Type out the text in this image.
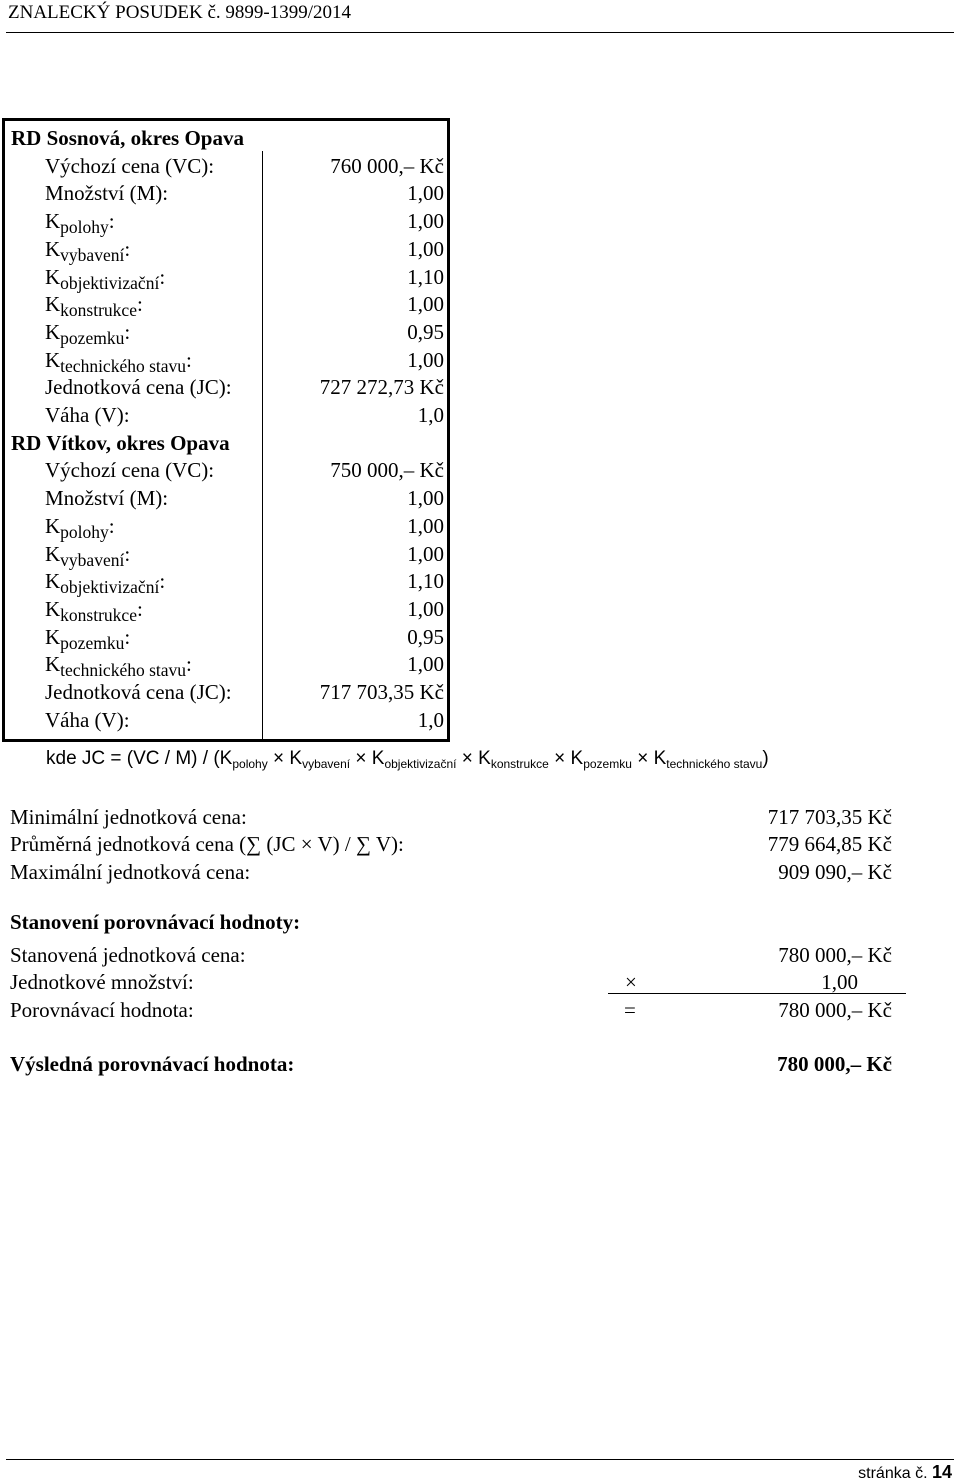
ZNALECKÝ POSUDEK č. 9899-1399/2014
RD Sosnová, okres Opava
Výchozí cena (VC):	760 000,– Kč
Množství (M):	1,00
$K_{polohy}$:	1,00
$K_{vybavení}$:	1,00
$K_{objektivizační}$:	1,10
$K_{konstrukce}$:	1,00
$K_{pozemku}$:	0,95
$K_{technického stavu}$:	1,00
Jednotková cena (JC):	727 272,73 Kč
Váha (V):	1,0
RD Vítkov, okres Opava
Výchozí cena (VC):	750 000,– Kč
Množství (M):	1,00
$K_{polohy}$:	1,00
$K_{vybavení}$:	1,00
$K_{objektivizační}$:	1,10
$K_{konstrukce}$:	1,00
$K_{pozemku}$:	0,95
$K_{technického stavu}$:	1,00
Jednotková cena (JC):	717 703,35 Kč
Váha (V):	1,0
kde JC = $(VC / M) / (K_{polohy} \times K_{vybavení} \times K_{objektivizační} \times K_{konstrukce} \times K_{pozemku} \times K_{technického stavu})$
Minimální jednotková cena:	717 703,35 Kč
Průměrná jednotková cena (∑ (JC × V) / ∑ V):	779 664,85 Kč
Maximální jednotková cena:	909 090,– Kč
Stanovení porovnávací hodnoty:
Stanovená jednotková cena:	780 000,– Kč
Jednotkové množství:	×	1,00
Porovnávací hodnota:	=	780 000,– Kč
Výsledná porovnávací hodnota:	780 000,– Kč
stránka č. 14
